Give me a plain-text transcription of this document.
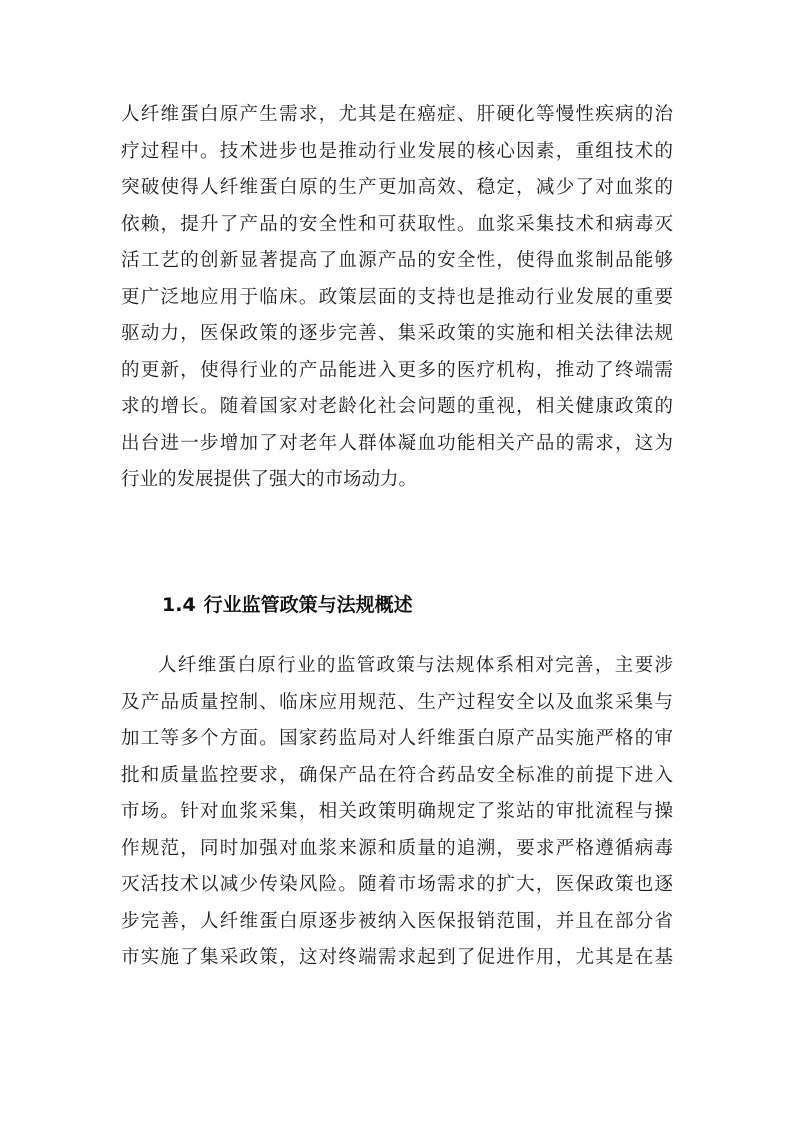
人纤维蛋白原产生需求，尤其是在癌症、肝硬化等慢性疾病的治
疗过程中。技术进步也是推动行业发展的核心因素，重组技术的
突破使得人纤维蛋白原的生产更加高效、稳定，减少了对血浆的
依赖，提升了产品的安全性和可获取性。血浆采集技术和病毒灭
活工艺的创新显著提高了血源产品的安全性，使得血浆制品能够
更广泛地应用于临床。政策层面的支持也是推动行业发展的重要
驱动力，医保政策的逐步完善、集采政策的实施和相关法律法规
的更新，使得行业的产品能进入更多的医疗机构，推动了终端需
求的增长。随着国家对老龄化社会问题的重视，相关健康政策的
出台进一步增加了对老年人群体凝血功能相关产品的需求，这为
行业的发展提供了强大的市场动力。
1.4 行业监管政策与法规概述
人纤维蛋白原行业的监管政策与法规体系相对完善，主要涉
及产品质量控制、临床应用规范、生产过程安全以及血浆采集与
加工等多个方面。国家药监局对人纤维蛋白原产品实施严格的审
批和质量监控要求，确保产品在符合药品安全标准的前提下进入
市场。针对血浆采集，相关政策明确规定了浆站的审批流程与操
作规范，同时加强对血浆来源和质量的追溯，要求严格遵循病毒
灭活技术以减少传染风险。随着市场需求的扩大，医保政策也逐
步完善，人纤维蛋白原逐步被纳入医保报销范围，并且在部分省
市实施了集采政策，这对终端需求起到了促进作用，尤其是在基
